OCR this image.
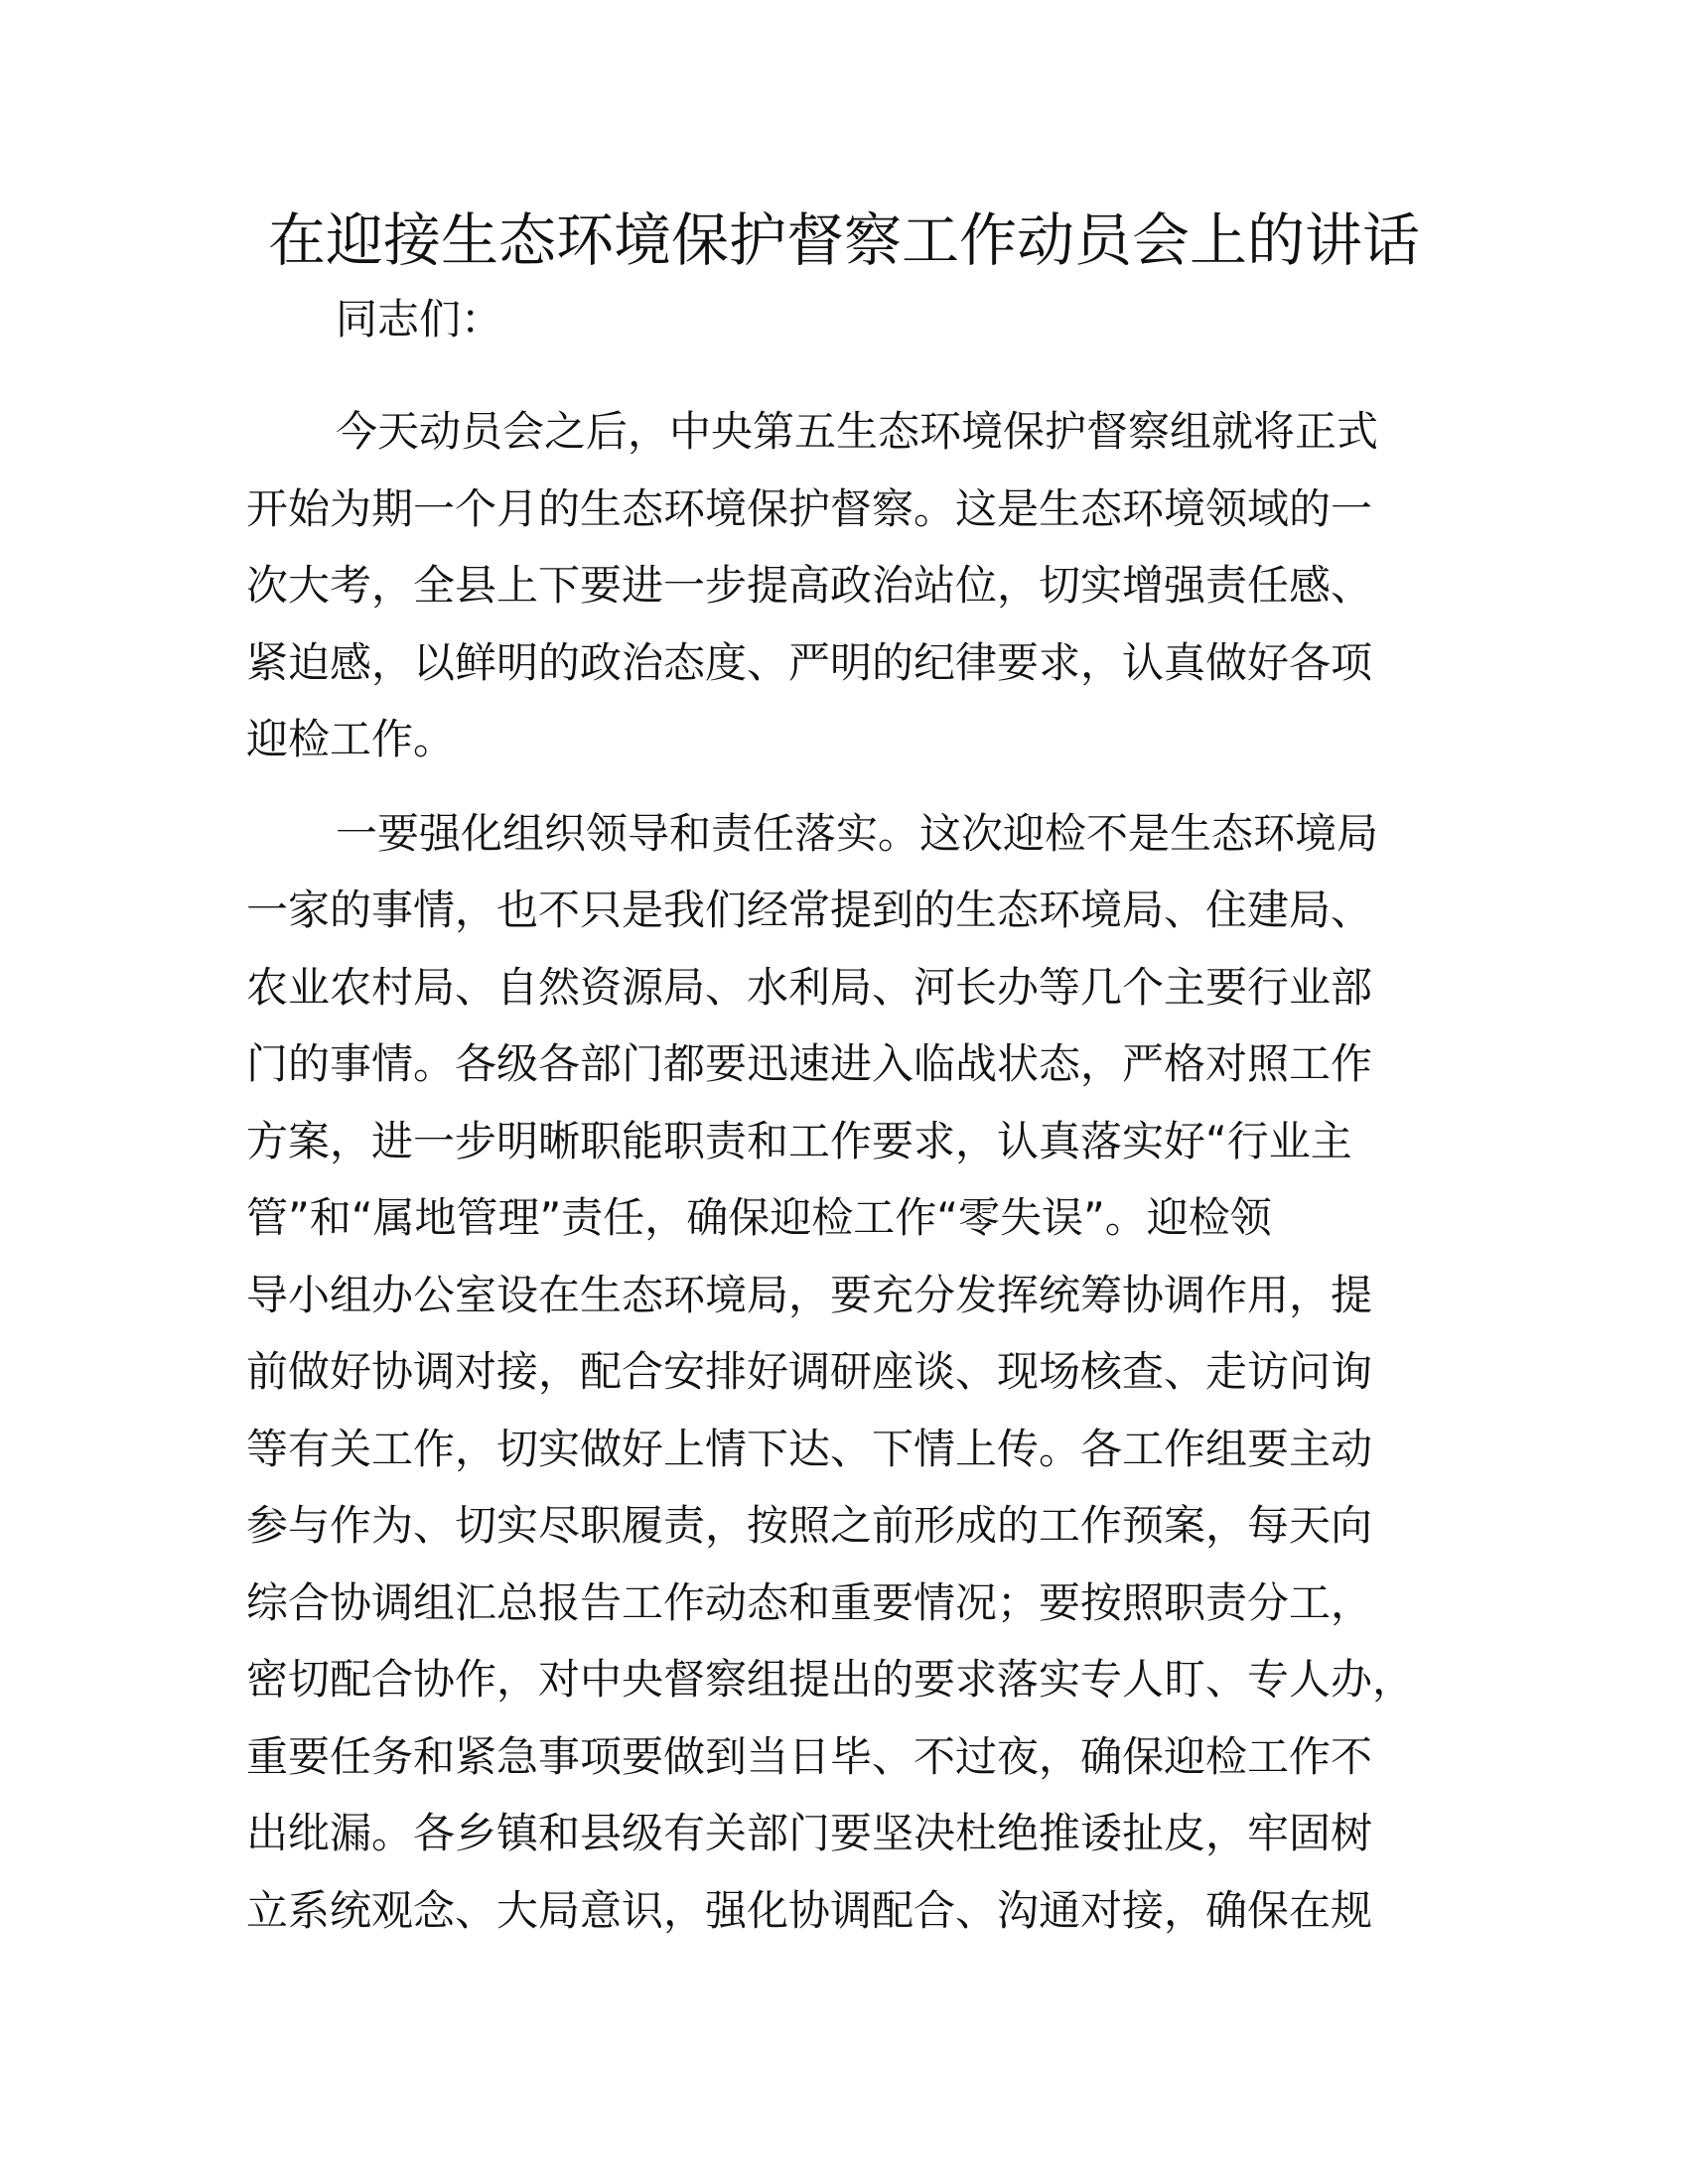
在迎接生态环境保护督察工作动员会上的讲话

同志们：

今天动员会之后，中央第五生态环境保护督察组就将正式
开始为期一个月的生态环境保护督察。这是生态环境领域的一
次大考，全县上下要进一步提高政治站位，切实增强责任感、
紧迫感，以鲜明的政治态度、严明的纪律要求，认真做好各项
迎检工作。

一要强化组织领导和责任落实。这次迎检不是生态环境局
一家的事情，也不只是我们经常提到的生态环境局、住建局、
农业农村局、自然资源局、水利局、河长办等几个主要行业部
门的事情。各级各部门都要迅速进入临战状态，严格对照工作
方案，进一步明晰职能职责和工作要求，认真落实好“行业主
管”和“属地管理”责任，确保迎检工作“零失误”。迎检领
导小组办公室设在生态环境局，要充分发挥统筹协调作用，提
前做好协调对接，配合安排好调研座谈、现场核查、走访问询
等有关工作，切实做好上情下达、下情上传。各工作组要主动
参与作为、切实尽职履责，按照之前形成的工作预案，每天向
综合协调组汇总报告工作动态和重要情况；要按照职责分工，
密切配合协作，对中央督察组提出的要求落实专人盯、专人办，
重要任务和紧急事项要做到当日毕、不过夜，确保迎检工作不
出纰漏。各乡镇和县级有关部门要坚决杜绝推诿扯皮，牢固树
立系统观念、大局意识，强化协调配合、沟通对接，确保在规
